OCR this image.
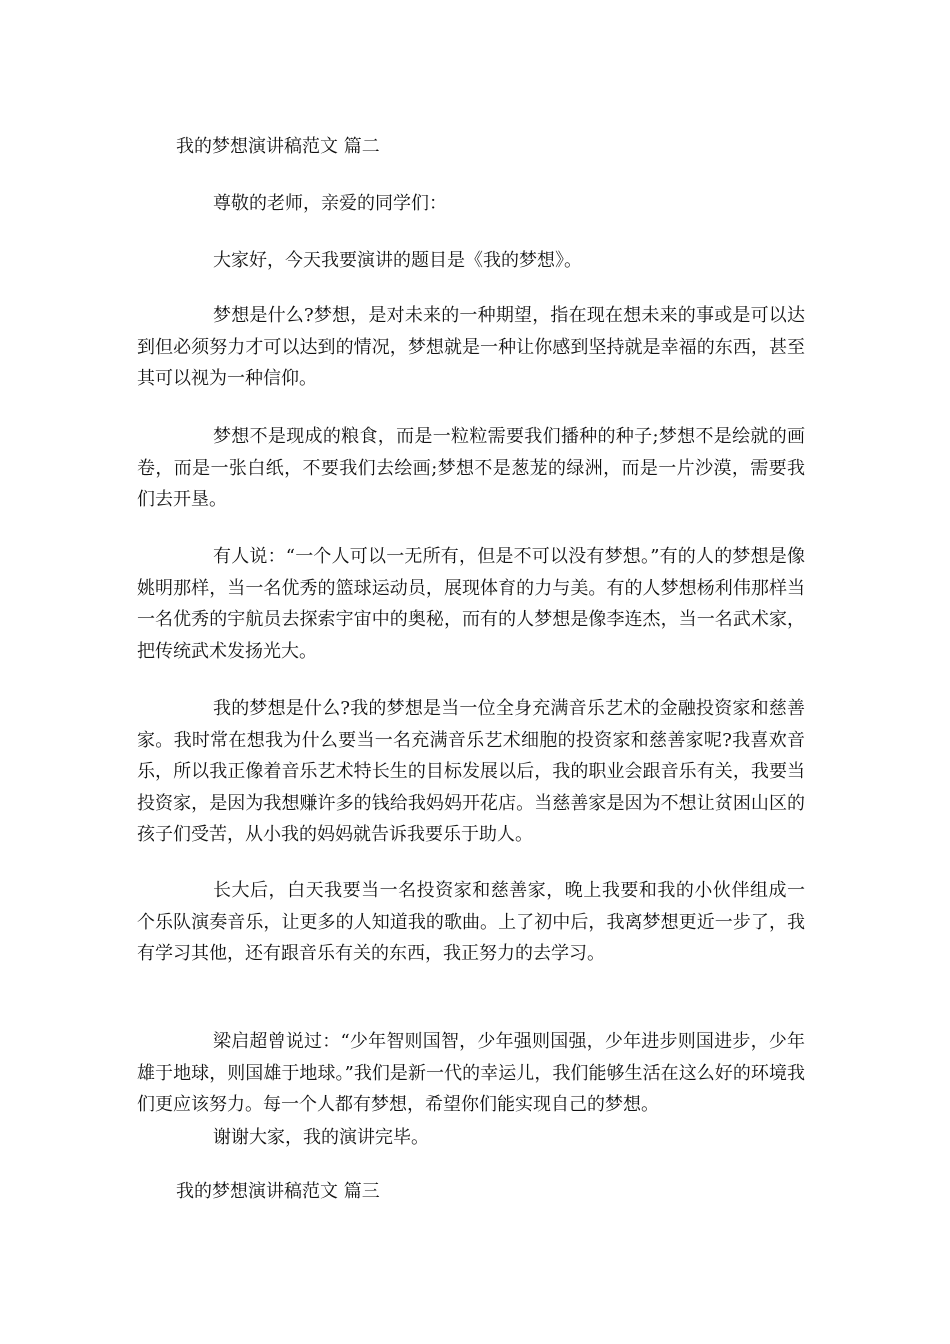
我的梦想演讲稿范文 篇二

尊敬的老师，亲爱的同学们：

大家好，今天我要演讲的题目是《我的梦想》。

梦想是什么?梦想，是对未来的一种期望，指在现在想未来的事或是可以达到但必须努力才可以达到的情况，梦想就是一种让你感到坚持就是幸福的东西，甚至其可以视为一种信仰。

梦想不是现成的粮食，而是一粒粒需要我们播种的种子;梦想不是绘就的画卷，而是一张白纸，不要我们去绘画;梦想不是葱茏的绿洲，而是一片沙漠，需要我们去开垦。

有人说：“一个人可以一无所有，但是不可以没有梦想。”有的人的梦想是像姚明那样，当一名优秀的篮球运动员，展现体育的力与美。有的人梦想杨利伟那样当一名优秀的宇航员去探索宇宙中的奥秘，而有的人梦想是像李连杰，当一名武术家，把传统武术发扬光大。

我的梦想是什么?我的梦想是当一位全身充满音乐艺术的金融投资家和慈善家。我时常在想我为什么要当一名充满音乐艺术细胞的投资家和慈善家呢?我喜欢音乐，所以我正像着音乐艺术特长生的目标发展以后，我的职业会跟音乐有关，我要当投资家，是因为我想赚许多的钱给我妈妈开花店。当慈善家是因为不想让贫困山区的孩子们受苦，从小我的妈妈就告诉我要乐于助人。

长大后，白天我要当一名投资家和慈善家，晚上我要和我的小伙伴组成一个乐队演奏音乐，让更多的人知道我的歌曲。上了初中后，我离梦想更近一步了，我有学习其他，还有跟音乐有关的东西，我正努力的去学习。

梁启超曾说过：“少年智则国智，少年强则国强，少年进步则国进步，少年雄于地球，则国雄于地球。”我们是新一代的幸运儿，我们能够生活在这么好的环境我们更应该努力。每一个人都有梦想，希望你们能实现自己的梦想。

谢谢大家，我的演讲完毕。

我的梦想演讲稿范文 篇三
